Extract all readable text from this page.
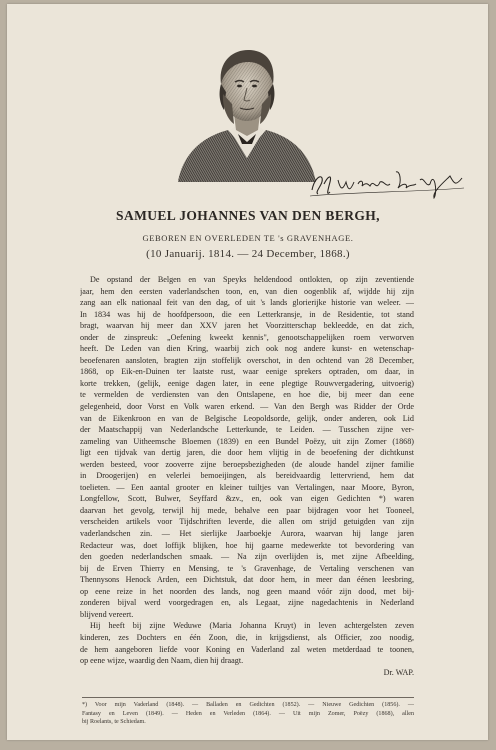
SAMUEL JOHANNES VAN DEN BERGH,
GEBOREN EN OVERLEDEN TE 's GRAVENHAGE.
(10 Januarij. 1814. — 24 December, 1868.)
De opstand der Belgen en van Speyks heldendood ontlokten, op zijn zeventiende
jaar, hem den eersten vaderlandschen toon, en, van dien oogenblik af, wijdde hij zijn
zang aan elk nationaal feit van den dag, of uit 's lands glorierijke historie van weleer. —
In 1834 was hij de hoofdpersoon, die een Letterkransje, in de Residentie, tot stand
bragt, waarvan hij meer dan XXV jaren het Voorzitterschap bekleedde, en dat zich,
onder de zinspreuk: „Oefening kweekt kennis", genootschappelijken roem verworven
heeft. De Leden van dien Kring, waarbij zich ook nog andere kunst- en wetenschap-
beoefenaren aansloten, bragten zijn stoffelijk overschot, in den ochtend van 28 December,
1868, op Eik-en-Duinen ter laatste rust, waar eenige sprekers optraden, om daar, in
korte trekken, (gelijk, eenige dagen later, in eene plegtige Rouwvergadering, uitvoerig)
te vermelden de verdiensten van den Ontslapene, en hoe die, bij meer dan eene
gelegenheid, door Vorst en Volk waren erkend. — Van den Bergh was Ridder der Orde
van de Eikenkroon en van de Belgische Leopoldsorde, gelijk, onder anderen, ook Lid
der Maatschappij van Nederlandsche Letterkunde, te Leiden. — Tusschen zijne ver-
zameling van Uitheemsche Bloemen (1839) en een Bundel Poëzy, uit zijn Zomer (1868)
ligt een tijdvak van dertig jaren, die door hem vlijtig in de beoefening der dichtkunst
werden besteed, voor zooverre zijne beroepsbezigheden (de aloude handel zijner familie
in Droogerijen) en velerlei bemoeijingen, als bereidvaardig lettervriend, hem dat
toelieten. — Een aantal grooter en kleiner tuiltjes van Vertalingen, naar Moore, Byron,
Longfellow, Scott, Bulwer, Seyffard &zv., en, ook van eigen Gedichten *) waren
daarvan het gevolg, terwijl hij mede, behalve een paar bijdragen voor het Tooneel,
verscheiden artikels voor Tijdschriften leverde, die allen om strijd getuigden van zijn
vaderlandschen zin. — Het sierlijke Jaarboekje Aurora, waarvan hij lange jaren
Redacteur was, doet loffijk blijken, hoe hij gaarne medewerkte tot bevordering van
den goeden nederlandschen smaak. — Na zijn overlijden is, met zijne Afbeelding,
bij de Erven Thierry en Mensing, te 's Gravenhage, de Vertaling verschenen van
Thennysons Henock Arden, een Dichtstuk, dat door hem, in meer dan éénen leesbring,
op eene reize in het noorden des lands, nog geen maand vóór zijn dood, met bij-
zonderen bijval werd voorgedragen en, als Legaat, zijne nagedachtenis in Nederland
blijvend vereert.
Hij heeft bij zijne Weduwe (Maria Johanna Kruyt) in leven achtergelsten zeven
kinderen, zes Dochters en één Zoon, die, in krijgsdienst, als Officier, zoo noodig,
de hem aangeboren liefde voor Koning en Vaderland zal weten metderdaad te toonen,
op eene wijze, waardig den Naam, dien hij draagt.
Dr. WAP.
*) Voor mijn Vaderland (1848). — Balladen en Gedichten (1852). — Nieuwe Gedichten (1856). —
Fantasy en Leven (1849). — Heden en Verleden (1864). — Uit mijn Zomer, Poëzy (1868), allen
bij Roelants, te Schiedam.
